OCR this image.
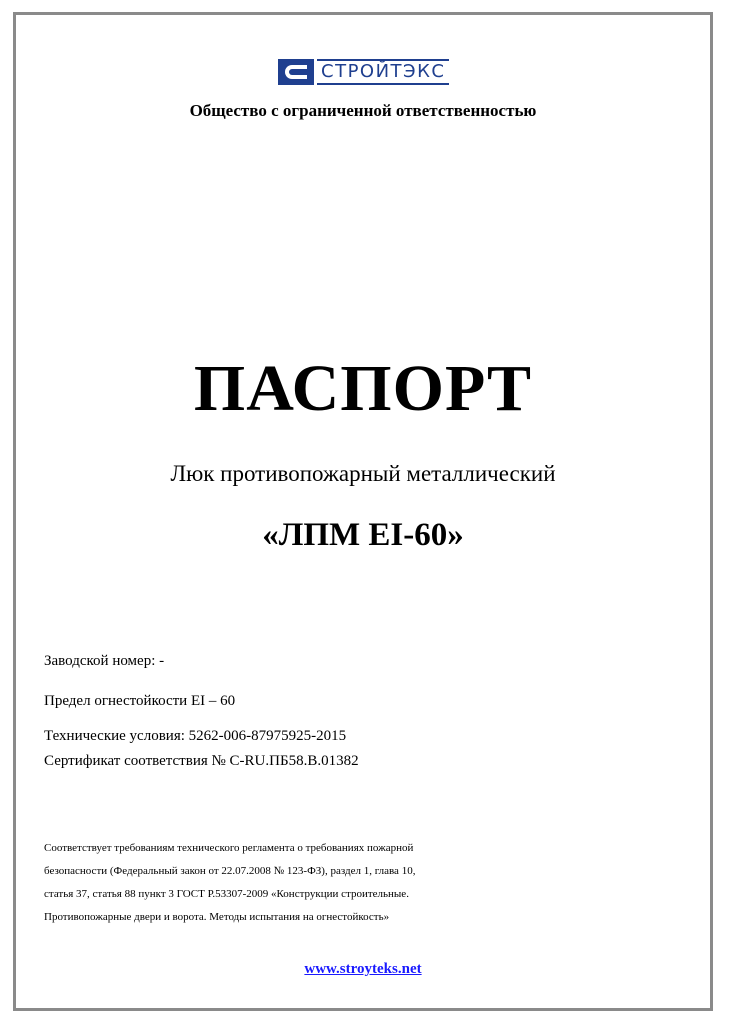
СТРОЙТЭКС
Общество с ограниченной ответственностью
ПАСПОРТ
Люк противопожарный металлический
«ЛПМ EI-60»
Заводской номер: -
Предел огнестойкости EI – 60
Технические условия: 5262-006-87975925-2015
Сертификат соответствия № C-RU.ПБ58.В.01382
Соответствует требованиям технического регламента о требованиях пожарной
безопасности (Федеральный закон от 22.07.2008 № 123-ФЗ), раздел 1, глава 10,
статья 37, статья 88 пункт 3 ГОСТ Р.53307-2009 «Конструкции строительные.
Противопожарные двери и ворота. Методы испытания на огнестойкость»
www.stroyteks.net
